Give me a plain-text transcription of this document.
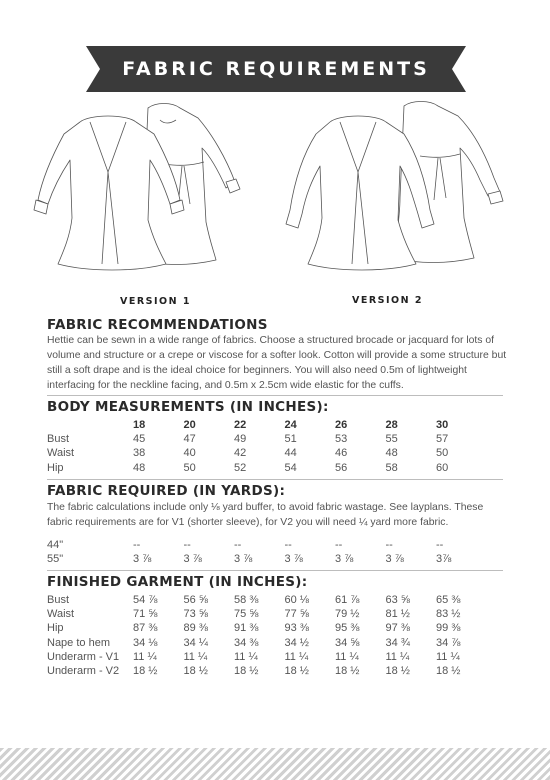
FABRIC REQUIREMENTS
VERSION 1	VERSION 2
FABRIC RECOMMENDATIONS
Hettie can be sewn in a wide range of fabrics. Choose a structured brocade or jacquard for lots of volume and structure or a crepe or viscose for a softer look. Cotton will provide a some structure but still a soft drape and is the ideal choice for beginners. You will also need 0.5m of lightweight interfacing for the neckline facing, and 0.5m x 2.5cm wide elastic for the cuffs.
BODY MEASUREMENTS (IN INCHES):
	18	20	22	24	26	28	30
Bust	45	47	49	51	53	55	57
Waist	38	40	42	44	46	48	50
Hip	48	50	52	54	56	58	60
FABRIC REQUIRED (IN YARDS):
The fabric calculations include only ⅛ yard buffer, to avoid fabric wastage. See layplans. These fabric requirements are for V1 (shorter sleeve), for V2 you will need ¼ yard more fabric.
44"	--	--	--	--	--	--	--
55"	3 ⅞	3 ⅞	3 ⅞	3 ⅞	3 ⅞	3 ⅞	3⅞
FINISHED GARMENT (IN INCHES):
Bust	54 ⅞	56 ⅝	58 ⅜	60 ⅛	61 ⅞	63 ⅝	65 ⅜
Waist	71 ⅝	73 ⅝	75 ⅝	77 ⅝	79 ½	81 ½	83 ½
Hip	87 ⅜	89 ⅜	91 ⅜	93 ⅜	95 ⅜	97 ⅜	99 ⅜
Nape to hem	34 ⅛	34 ¼	34 ⅜	34 ½	34 ⅝	34 ¾	34 ⅞
Underarm - V1	11 ¼	11 ¼	11 ¼	11 ¼	11 ¼	11 ¼	11 ¼
Underarm - V2	18 ½	18 ½	18 ½	18 ½	18 ½	18 ½	18 ½
